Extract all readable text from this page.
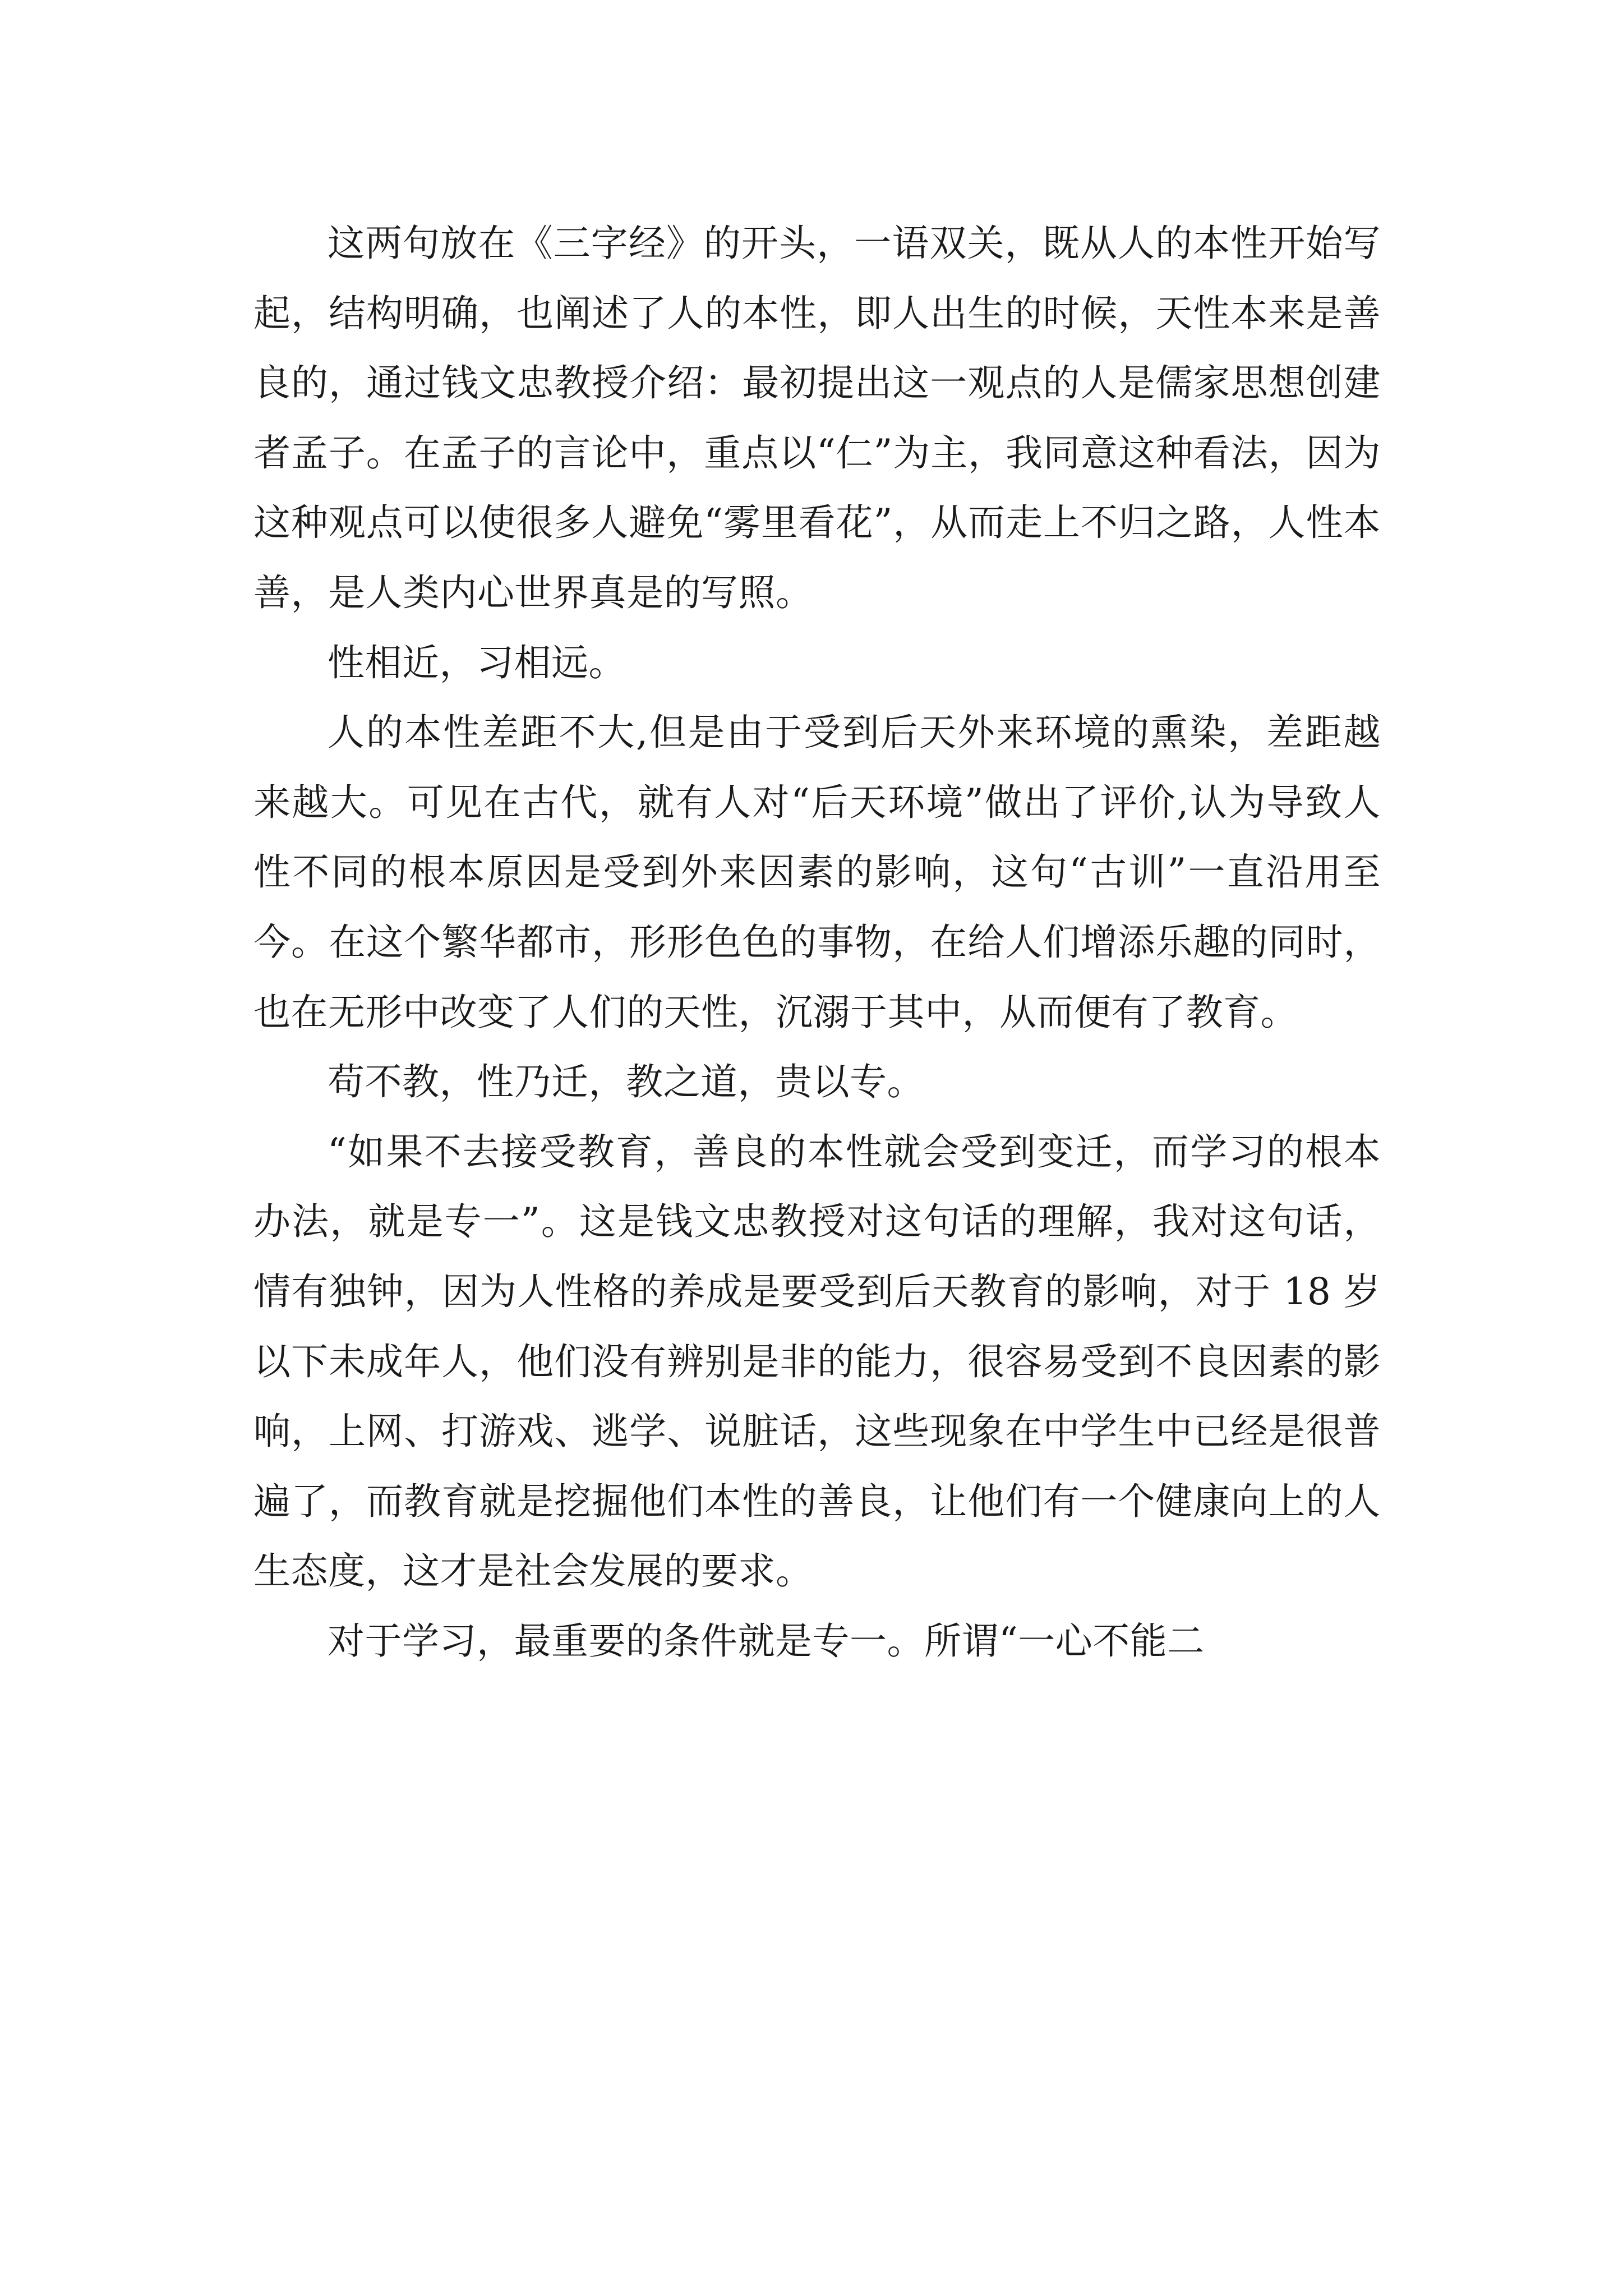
这两句放在《三字经》的开头，一语双关，既从人的本性开始写起，结构明确，也阐述了人的本性，即人出生的时候，天性本来是善良的，通过钱文忠教授介绍：最初提出这一观点的人是儒家思想创建者孟子。在孟子的言论中，重点以“仁”为主，我同意这种看法，因为这种观点可以使很多人避免“雾里看花”，从而走上不归之路，人性本善，是人类内心世界真是的写照。

性相近，习相远。

人的本性差距不大,但是由于受到后天外来环境的熏染，差距越来越大。可见在古代，就有人对“后天环境”做出了评价,认为导致人性不同的根本原因是受到外来因素的影响，这句“古训”一直沿用至今。在这个繁华都市，形形色色的事物，在给人们增添乐趣的同时，也在无形中改变了人们的天性，沉溺于其中，从而便有了教育。

苟不教，性乃迁，教之道，贵以专。

“如果不去接受教育，善良的本性就会受到变迁，而学习的根本办法，就是专一”。这是钱文忠教授对这句话的理解，我对这句话，情有独钟，因为人性格的养成是要受到后天教育的影响，对于 18 岁以下未成年人，他们没有辨别是非的能力，很容易受到不良因素的影响，上网、打游戏、逃学、说脏话，这些现象在中学生中已经是很普遍了，而教育就是挖掘他们本性的善良，让他们有一个健康向上的人生态度，这才是社会发展的要求。

对于学习，最重要的条件就是专一。所谓“一心不能二
